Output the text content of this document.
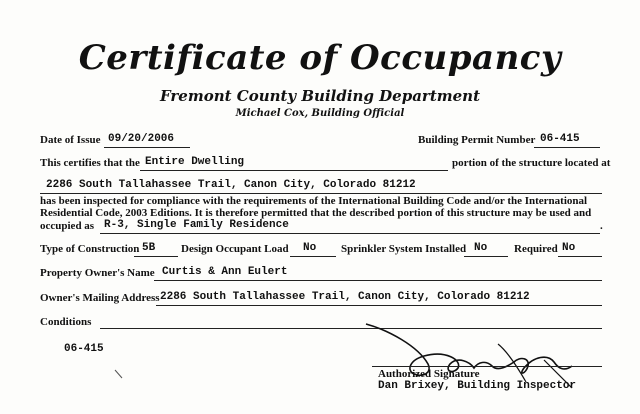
Certificate of Occupancy
Fremont County Building Department
Michael Cox, Building Official
Date of Issue 09/20/2006	Building Permit Number 06-415
This certifies that the Entire Dwelling	portion of the structure located at
2286 South Tallahassee Trail, Canon City, Colorado 81212
has been inspected for compliance with the requirements of the International Building Code and/or the International
Residential Code, 2003 Editions. It is therefore permitted that the described portion of this structure may be used and
occupied as R-3, Single Family Residence	.
Type of Construction 5B Design Occupant Load No Sprinkler System Installed No Required No
Property Owner's Name Curtis & Ann Eulert
Owner's Mailing Address 2286 South Tallahassee Trail, Canon City, Colorado 81212
Conditions
06-415
Authorized Signature
Dan Brixey, Building Inspector
